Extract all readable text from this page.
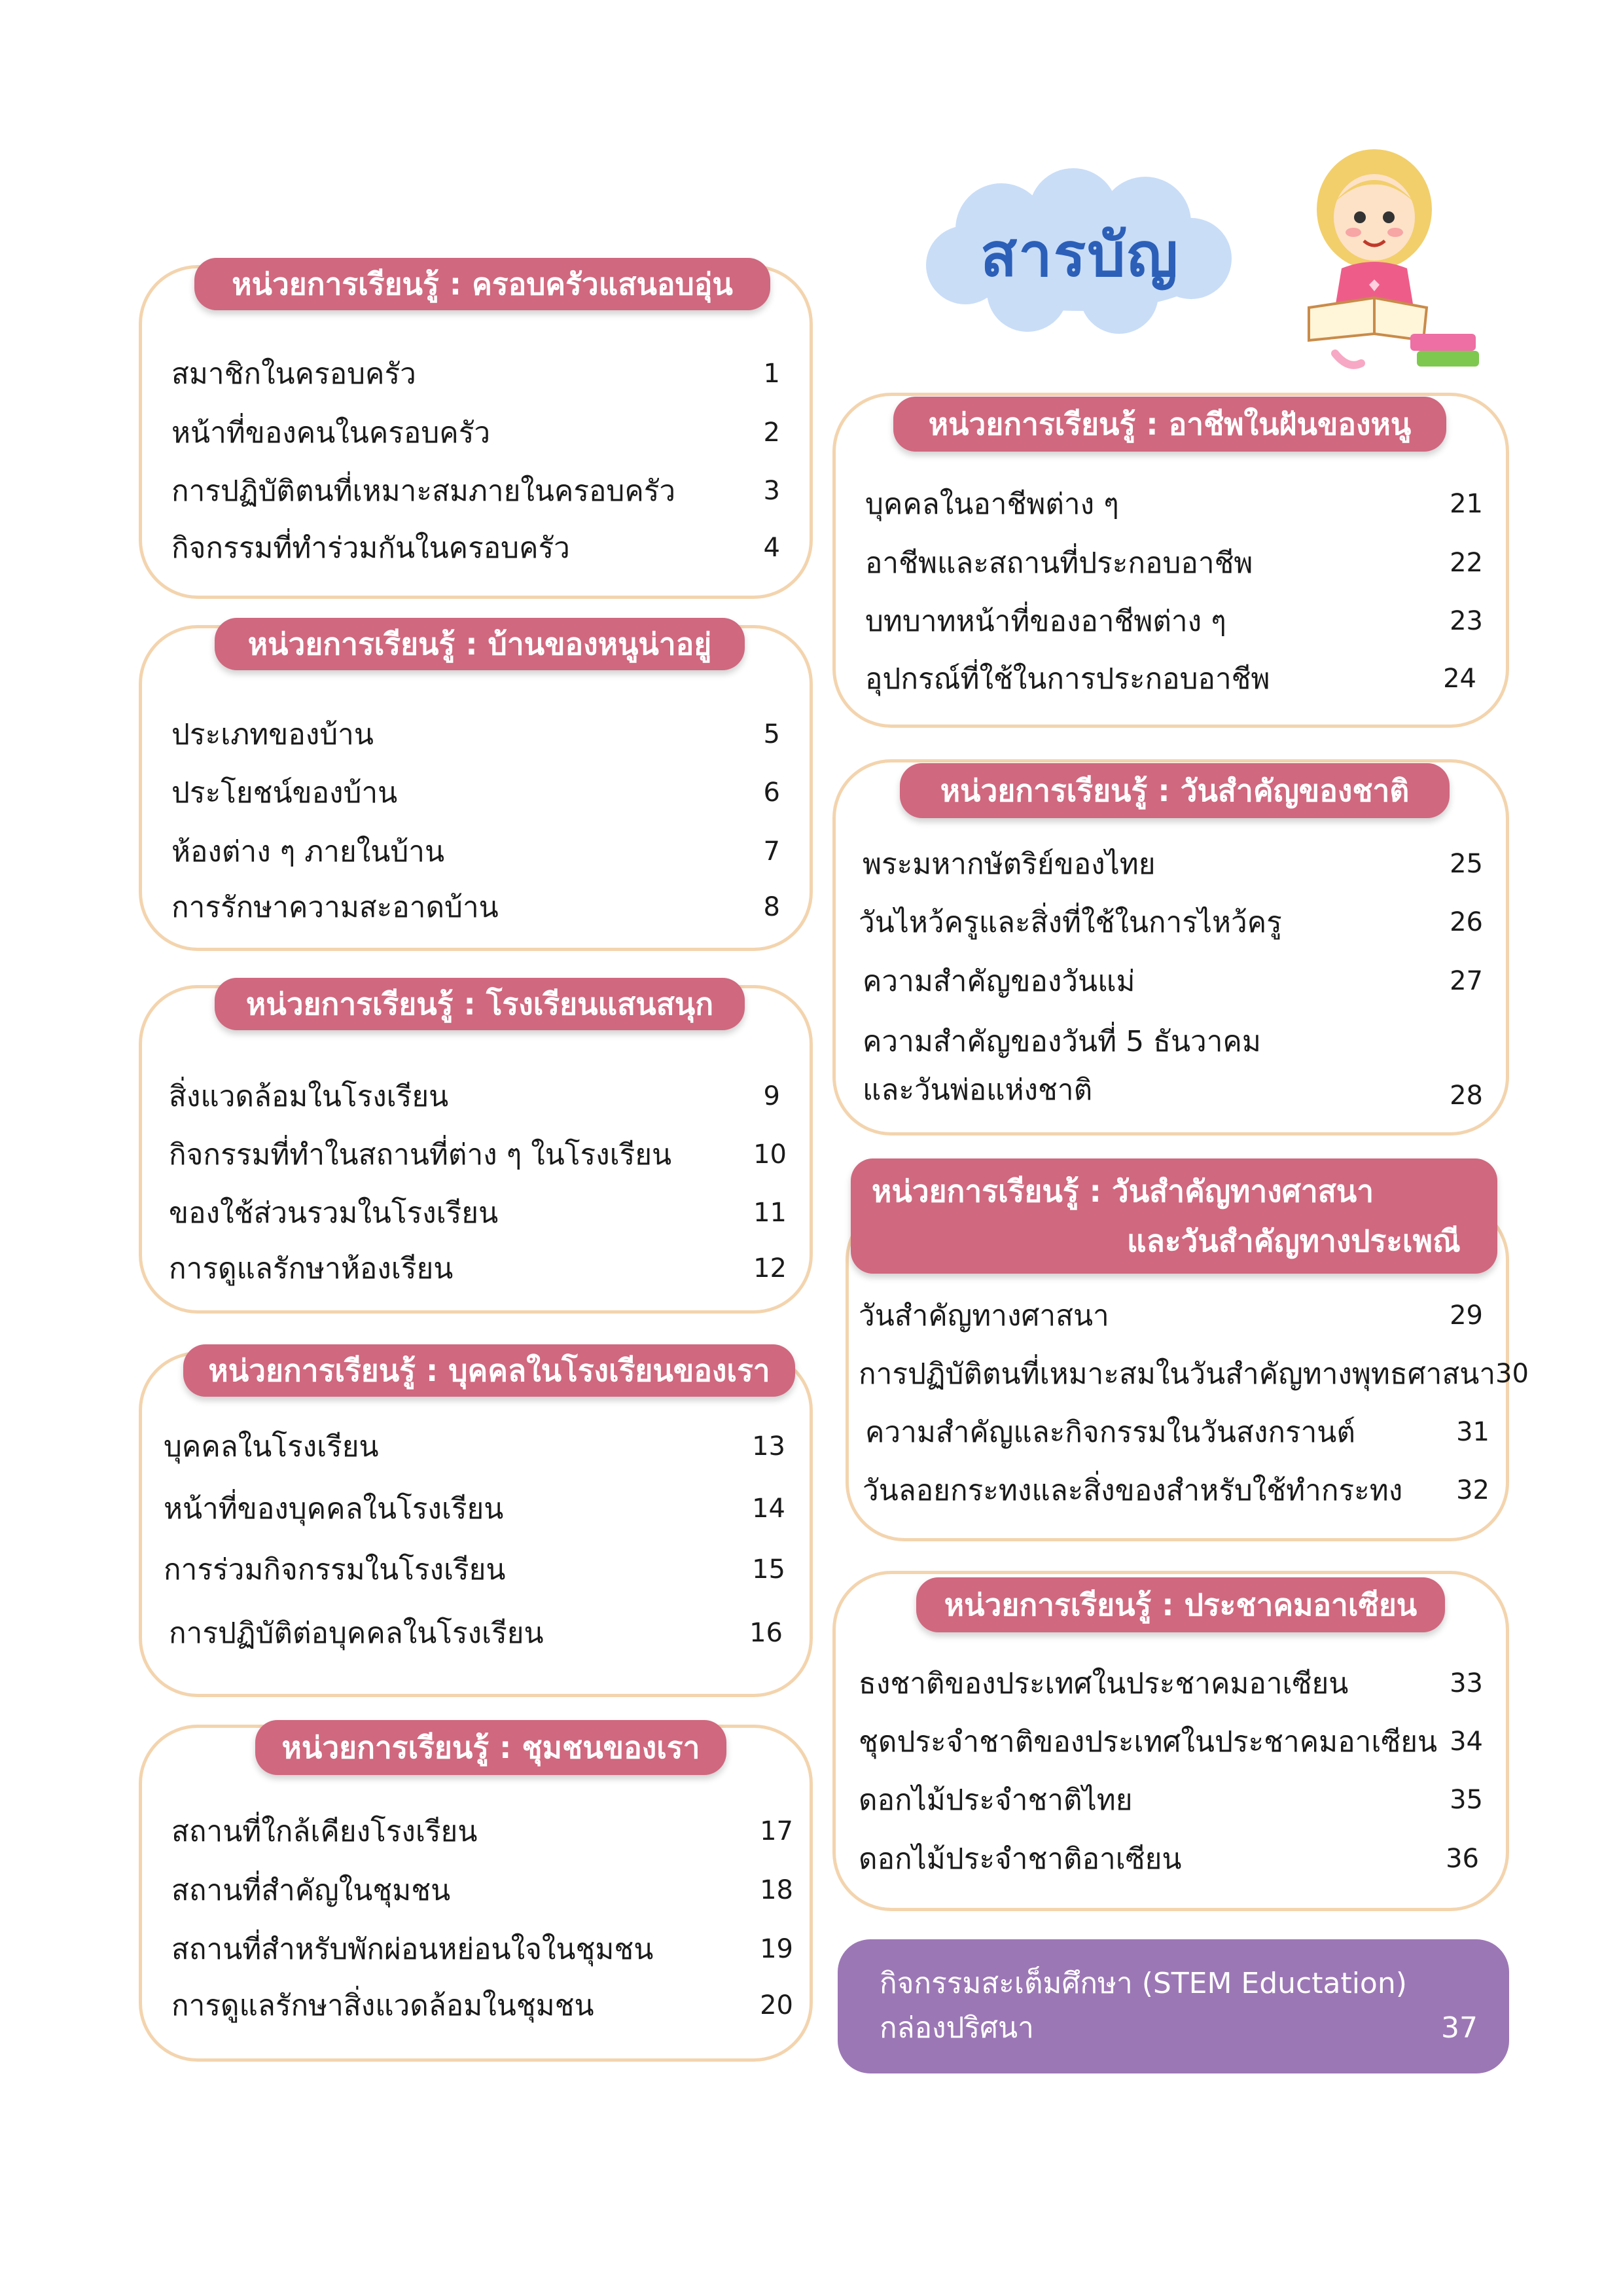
สารบัญ
หน่วยการเรียนรู้ : ครอบครัวแสนอบอุ่น
สมาชิกในครอบครัว	1
หน้าที่ของคนในครอบครัว	2
การปฏิบัติตนที่เหมาะสมภายในครอบครัว	3
กิจกรรมที่ทำร่วมกันในครอบครัว	4
หน่วยการเรียนรู้ : บ้านของหนูน่าอยู่
ประเภทของบ้าน	5
ประโยชน์ของบ้าน	6
ห้องต่าง ๆ ภายในบ้าน	7
การรักษาความสะอาดบ้าน	8
หน่วยการเรียนรู้ : โรงเรียนแสนสนุก
สิ่งแวดล้อมในโรงเรียน	9
กิจกรรมที่ทำในสถานที่ต่าง ๆ ในโรงเรียน	10
ของใช้ส่วนรวมในโรงเรียน	11
การดูแลรักษาห้องเรียน	12
หน่วยการเรียนรู้ : บุคคลในโรงเรียนของเรา
บุคคลในโรงเรียน	13
หน้าที่ของบุคคลในโรงเรียน	14
การร่วมกิจกรรมในโรงเรียน	15
การปฏิบัติต่อบุคคลในโรงเรียน	16
หน่วยการเรียนรู้ : ชุมชนของเรา
สถานที่ใกล้เคียงโรงเรียน	17
สถานที่สำคัญในชุมชน	18
สถานที่สำหรับพักผ่อนหย่อนใจในชุมชน	19
การดูแลรักษาสิ่งแวดล้อมในชุมชน	20
หน่วยการเรียนรู้ : อาชีพในฝันของหนู
บุคคลในอาชีพต่าง ๆ	21
อาชีพและสถานที่ประกอบอาชีพ	22
บทบาทหน้าที่ของอาชีพต่าง ๆ	23
อุปกรณ์ที่ใช้ในการประกอบอาชีพ	24
หน่วยการเรียนรู้ : วันสำคัญของชาติ
พระมหากษัตริย์ของไทย	25
วันไหว้ครูและสิ่งที่ใช้ในการไหว้ครู	26
ความสำคัญของวันแม่	27
ความสำคัญของวันที่ 5 ธันวาคม
และวันพ่อแห่งชาติ	28
หน่วยการเรียนรู้ : วันสำคัญทางศาสนา
และวันสำคัญทางประเพณี
วันสำคัญทางศาสนา	29
การปฏิบัติตนที่เหมาะสมในวันสำคัญทางพุทธศาสนา 30
ความสำคัญและกิจกรรมในวันสงกรานต์	31
วันลอยกระทงและสิ่งของสำหรับใช้ทำกระทง 32
หน่วยการเรียนรู้ : ประชาคมอาเซียน
ธงชาติของประเทศในประชาคมอาเซียน	33
ชุดประจำชาติของประเทศในประชาคมอาเซียน 34
ดอกไม้ประจำชาติไทย	35
ดอกไม้ประจำชาติอาเซียน	36
กิจกรรมสะเต็มศึกษา (STEM Eductation)
กล่องปริศนา	37
